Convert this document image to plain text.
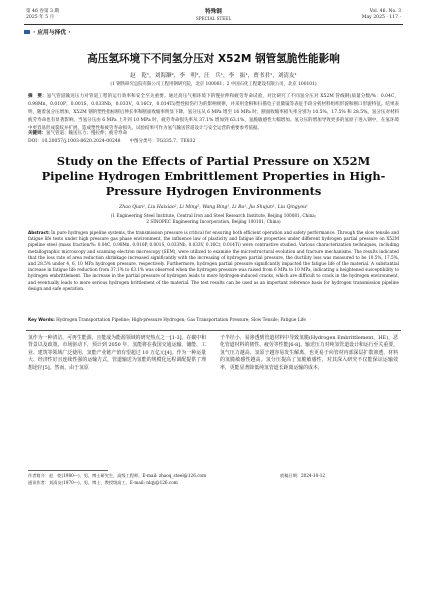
第 46 卷第 3 期
2025 年 5 月
特殊钢
SPECIAL STEEL
Vol. 46. No. 3
May 2025 · 117 ·
· 应用与择优 ·
高压氢环境下不同氢分压对 X52M 钢管氢脆性能影响
赵　乾¹，刘海灏²，李　明²，汪　兵¹，李　振¹，贾书君¹，刘清友¹
(1 钢铁研究总院有限公司工程用钢研究院，北京 100081；2 中国石化工程建设有限公司，北京 100101)
摘　要：氢气管道输送压力对管道工程的运行效率和安全至关重要。通过高压气相环境下的慢拉伸和疲劳寿命试验，对比研究了不同氢分压对 X52M 管线钢(质量分数/%：0.04C，0.98Mn，0.010P，0.001S，0.033Nb，0.033V，0.16Cr，0.014Ti)塑性损伤行为的影响规律，并采用金相和扫描电子显微镜等表征手段分析材料组织形貌和断口形貌特征。结果表明，随着氢分压增加，X52M 钢的塑性指标断后伸长率和断面收缩率明显下降，氢分压从 6 MPa 增至 16 MPa 时，断面收缩率损失率分别为 10.5%、17.5% 和 28.5%。氢分压对材料疲劳寿命也有显著影响，当氢分压由 6 MPa 上升到 10 MPa 时，疲劳寿命损失率从 37.1% 增加到 63.1%，氢脆敏感性大幅增加。氢分压的增加导致更多的氢原子进入钢中，在氢环境中更容易形成裂纹并扩展，造成塑性和疲劳寿命损失。试验结果可作为氢气输送管道设计与安全运营的重要参考依据。
关键词：氢气管道；输送压力；慢拉伸；疲劳寿命
DOI：10.20057/j.1003-8620.2024-00248　　中图分类号：TG335.7；TE832
Study on the Effects of Partial Pressure on X52M Pipeline Hydrogen Embrittlement Properties in High-Pressure Hydrogen Environments
Zhao Qian¹, Liu Haixiao², Li Ming², Wang Bing¹, Li Ba¹, Jia Shujun¹, Liu Qingyou¹
(1 Engineering Steel Institute, Central Iron and Steel Research Institute, Beijing 100081, China;
2 SINOPEC Engineering Incorporation, Beijing 100101, China)
Abstract: In pure hydrogen pipeline systems, the transmission pressure is critical for ensuring both efficient operation and safety performance. Through the slow tensile and fatigue life tests under high pressure gas phase environment, the influence law of plasticity and fatigue life properties under different hydrogen partial pressure on X52M pipeline steel (mass fraction/%: 0.04C, 0.98Mn, 0.010P, 0.001S, 0.033Nb, 0.033V, 0.16Cr, 0.014Ti) were contrastive studied. Various characterization techniques, including metallographic microscopy and scanning electron microscopy (SEM), were utilized to examine the microstructural evolution and fracture mechanisms. The results indicated that the loss rate of area reduction shrinkage increased significantly with the increasing of hydrogen partial pressure, the ductility loss was measured to be 10.5%, 17.5%, and 28.5% under 4, 6, 10 MPa hydrogen pressure, respectively. Furthermore, hydrogen partial pressure significantly impacted the fatigue life of the material. A substantial increase in fatigue life reduction from 37.1% to 63.1% was observed when the hydrogen pressure was raised from 6 MPa to 10 MPa, indicating a heightened susceptibility to hydrogen embrittlement. The increase in the partial pressure of hydrogen leads to more hydrogen-induced cracks, which are difficult to crack in the hydrogen environment, and eventually leads to more serious hydrogen brittlement of the material. The test results can be used as an important reference basis for hydrogen transmission pipeline design and safe operation.
Key Words: Hydrogen Transportation Pipeline; High-pressure Hydrogen; Gas Transportation Pressure; Slow Tensile; Fatigue Life
氢作为一种清洁、可再生能源，且能成为能源领域的研究热点之一[1-3]。在碳中和背景以及政策、市场驱动下，预计到 2050 年，氢能将在我国交通运输、储能、工业、建筑等领域广泛使用，氢能产业链产值有望超过 10 万亿元[4]。作为一种运量大、经济性好且连续性强的运输方式，管道输送为氢能的规模化远程调配提供了理想途径[5]。然而，由于氢原
子半径小，易渗透到管道材料中导致氢脆(Hydrogen Embrittlement，HE)，恶化管道材料的韧性、疲劳等性能[6-8]。输送压力对纯氢管道设计和运行至关重要，氢气压力越高，氢原子越容易发生解离，也更易于向管材内部深层扩散渗透，材料的氢脆敏感性越高。氢分压提高了氢脆敏感性，对其深入研究不仅能保证运输效率，更能显著降低纯氢管道长距离运输的成本，
作者简介：赵　乾(1980—)，男，博士研究生，高级工程师，E-mail: zhaoq_steel@126.com
通讯作者：刘清友(1970—)，男，博士，教授级高工，E-mail: nlqy@126.com
收稿日期：2024-10-12
